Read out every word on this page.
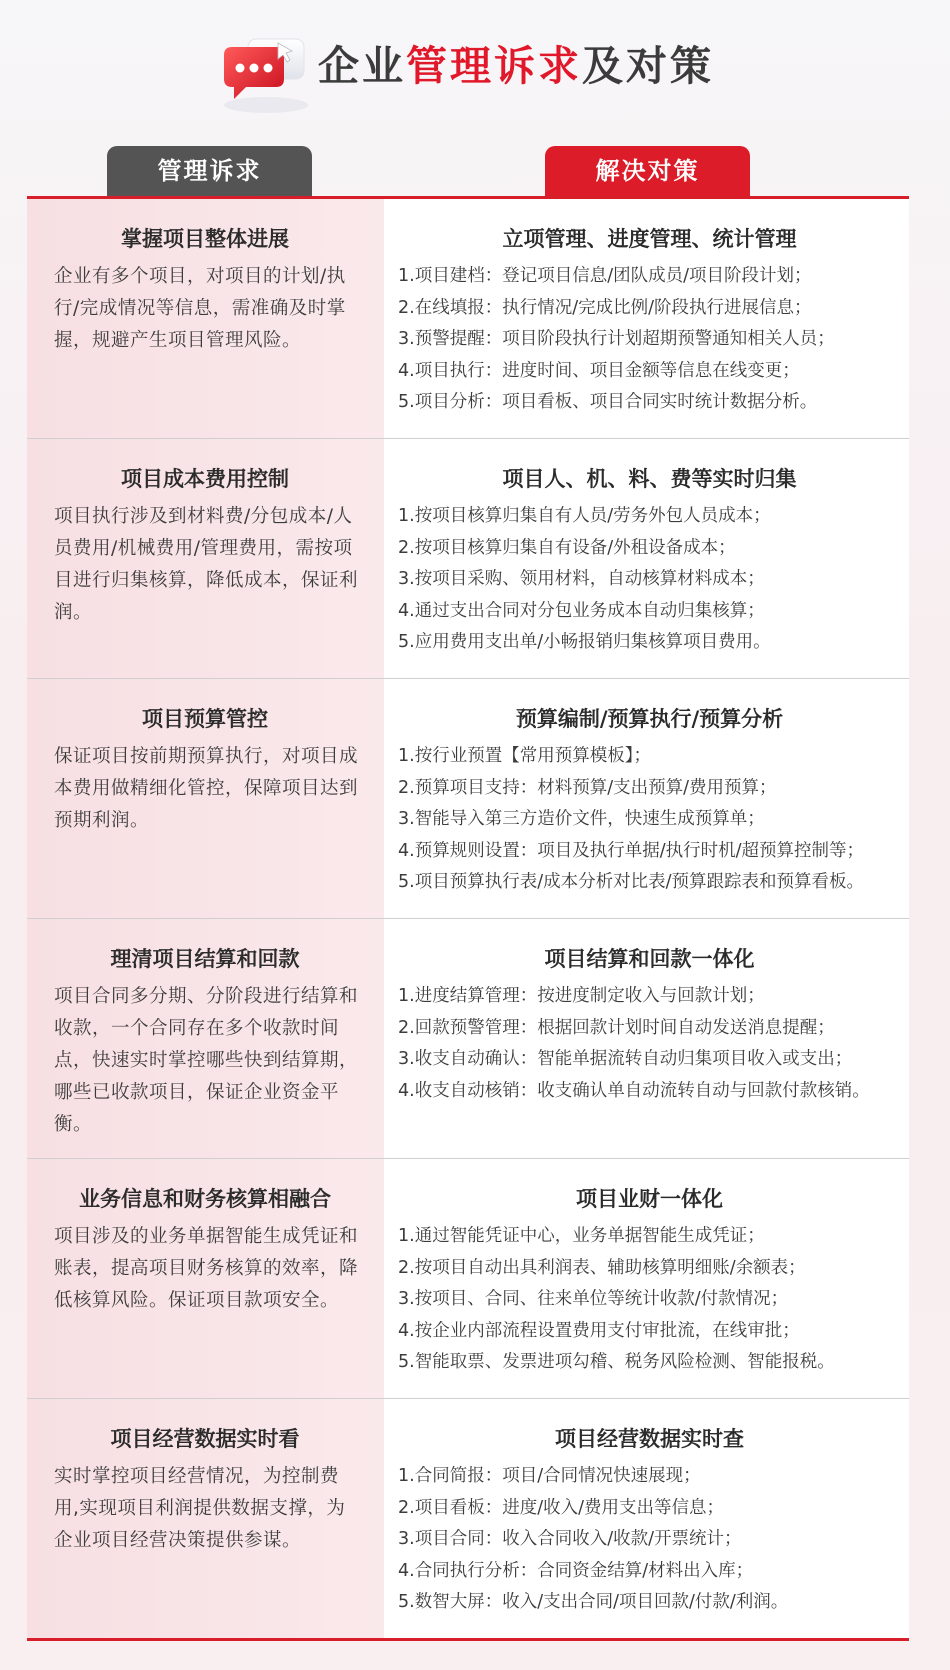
企业管理诉求及对策
管理诉求	解决对策
掌握项目整体进展
企业有多个项目，对项目的计划/执行/完成情况等信息，需准确及时掌握，规避产生项目管理风险。
立项管理、进度管理、统计管理
1.项目建档：登记项目信息/团队成员/项目阶段计划；
2.在线填报：执行情况/完成比例/阶段执行进展信息；
3.预警提醒：项目阶段执行计划超期预警通知相关人员；
4.项目执行：进度时间、项目金额等信息在线变更；
5.项目分析：项目看板、项目合同实时统计数据分析。
项目成本费用控制
项目执行涉及到材料费/分包成本/人员费用/机械费用/管理费用，需按项目进行归集核算，降低成本，保证利润。
项目人、机、料、费等实时归集
1.按项目核算归集自有人员/劳务外包人员成本；
2.按项目核算归集自有设备/外租设备成本；
3.按项目采购、领用材料，自动核算材料成本；
4.通过支出合同对分包业务成本自动归集核算；
5.应用费用支出单/小畅报销归集核算项目费用。
项目预算管控
保证项目按前期预算执行，对项目成本费用做精细化管控，保障项目达到预期利润。
预算编制/预算执行/预算分析
1.按行业预置【常用预算模板】；
2.预算项目支持：材料预算/支出预算/费用预算；
3.智能导入第三方造价文件，快速生成预算单；
4.预算规则设置：项目及执行单据/执行时机/超预算控制等；
5.项目预算执行表/成本分析对比表/预算跟踪表和预算看板。
理清项目结算和回款
项目合同多分期、分阶段进行结算和收款，一个合同存在多个收款时间点，快速实时掌控哪些快到结算期，哪些已收款项目，保证企业资金平衡。
项目结算和回款一体化
1.进度结算管理：按进度制定收入与回款计划；
2.回款预警管理：根据回款计划时间自动发送消息提醒；
3.收支自动确认：智能单据流转自动归集项目收入或支出；
4.收支自动核销：收支确认单自动流转自动与回款付款核销。
业务信息和财务核算相融合
项目涉及的业务单据智能生成凭证和账表，提高项目财务核算的效率，降低核算风险。保证项目款项安全。
项目业财一体化
1.通过智能凭证中心，业务单据智能生成凭证；
2.按项目自动出具利润表、辅助核算明细账/余额表；
3.按项目、合同、往来单位等统计收款/付款情况；
4.按企业内部流程设置费用支付审批流，在线审批；
5.智能取票、发票进项勾稽、税务风险检测、智能报税。
项目经营数据实时看
实时掌控项目经营情况，为控制费用,实现项目利润提供数据支撑，为企业项目经营决策提供参谋。
项目经营数据实时查
1.合同简报：项目/合同情况快速展现；
2.项目看板：进度/收入/费用支出等信息；
3.项目合同：收入合同收入/收款/开票统计；
4.合同执行分析：合同资金结算/材料出入库；
5.数智大屏：收入/支出合同/项目回款/付款/利润。
